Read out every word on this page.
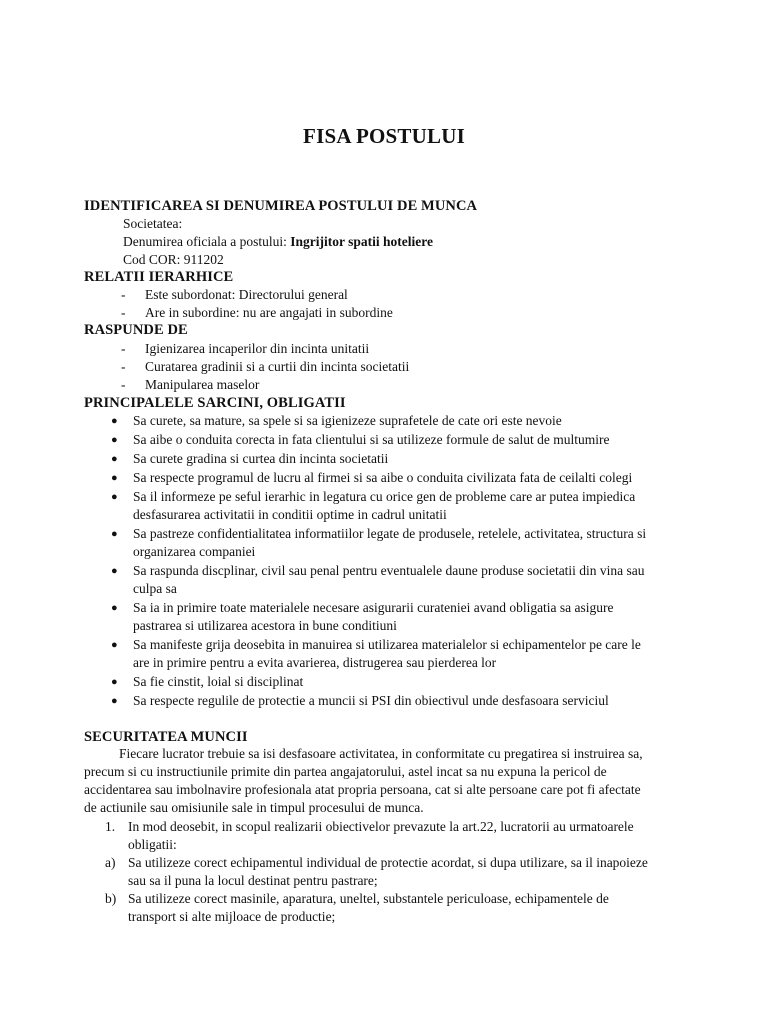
FISA POSTULUI
IDENTIFICAREA SI DENUMIREA POSTULUI DE MUNCA
Societatea:
Denumirea oficiala a postului: Ingrijitor spatii hoteliere
Cod COR: 911202
RELATII IERARHICE
- Este subordonat: Directorului general
- Are in subordine: nu are angajati in subordine
RASPUNDE DE
- Igienizarea incaperilor din incinta unitatii
- Curatarea gradinii si a curtii din incinta societatii
- Manipularea maselor
PRINCIPALELE SARCINI, OBLIGATII
● Sa curete, sa mature, sa spele si sa igienizeze suprafetele de cate ori este nevoie
● Sa aibe o conduita corecta in fata clientului si sa utilizeze formule de salut de multumire
● Sa curete gradina si curtea din incinta societatii
● Sa respecte programul de lucru al firmei si sa aibe o conduita civilizata fata de ceilalti colegi
● Sa il informeze pe seful ierarhic in legatura cu orice gen de probleme care ar putea impiedica
desfasurarea activitatii in conditii optime in cadrul unitatii
● Sa pastreze confidentialitatea informatiilor legate de produsele, retelele, activitatea, structura si
organizarea companiei
● Sa raspunda discplinar, civil sau penal pentru eventualele daune produse societatii din vina sau
culpa sa
● Sa ia in primire toate materialele necesare asigurarii curateniei avand obligatia sa asigure
pastrarea si utilizarea acestora in bune conditiuni
● Sa manifeste grija deosebita in manuirea si utilizarea materialelor si echipamentelor pe care le
are in primire pentru a evita avarierea, distrugerea sau pierderea lor
● Sa fie cinstit, loial si disciplinat
● Sa respecte regulile de protectie a muncii si PSI din obiectivul unde desfasoara serviciul
SECURITATEA MUNCII
Fiecare lucrator trebuie sa isi desfasoare activitatea, in conformitate cu pregatirea si instruirea sa,
precum si cu instructiunile primite din partea angajatorului, astel incat sa nu expuna la pericol de
accidentarea sau imbolnavire profesionala atat propria persoana, cat si alte persoane care pot fi afectate
de actiunile sau omisiunile sale in timpul procesului de munca.
1. In mod deosebit, in scopul realizarii obiectivelor prevazute la art.22, lucratorii au urmatoarele
obligatii:
a) Sa utilizeze corect echipamentul individual de protectie acordat, si dupa utilizare, sa il inapoieze
sau sa il puna la locul destinat pentru pastrare;
b) Sa utilizeze corect masinile, aparatura, uneltel, substantele periculoase, echipamentele de
transport si alte mijloace de productie;
